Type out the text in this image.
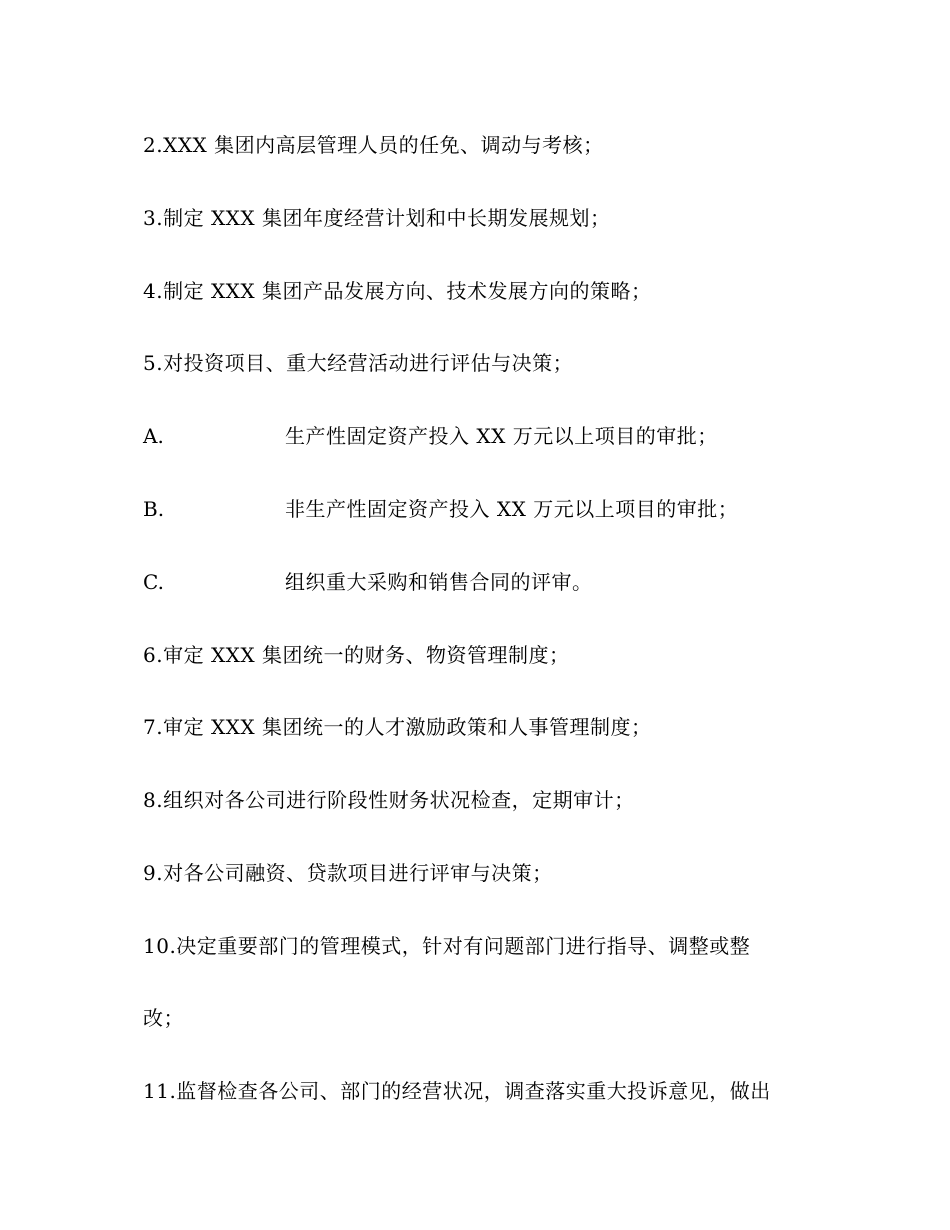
2.XXX 集团内高层管理人员的任免、调动与考核；
3.制定 XXX 集团年度经营计划和中长期发展规划；
4.制定 XXX 集团产品发展方向、技术发展方向的策略；
5.对投资项目、重大经营活动进行评估与决策；
A.	生产性固定资产投入 XX 万元以上项目的审批；
B.	非生产性固定资产投入 XX 万元以上项目的审批；
C.	组织重大采购和销售合同的评审。
6.审定 XXX 集团统一的财务、物资管理制度；
7.审定 XXX 集团统一的人才激励政策和人事管理制度；
8.组织对各公司进行阶段性财务状况检查，定期审计；
9.对各公司融资、贷款项目进行评审与决策；
10.决定重要部门的管理模式，针对有问题部门进行指导、调整或整
改；
11.监督检查各公司、部门的经营状况，调查落实重大投诉意见，做出
